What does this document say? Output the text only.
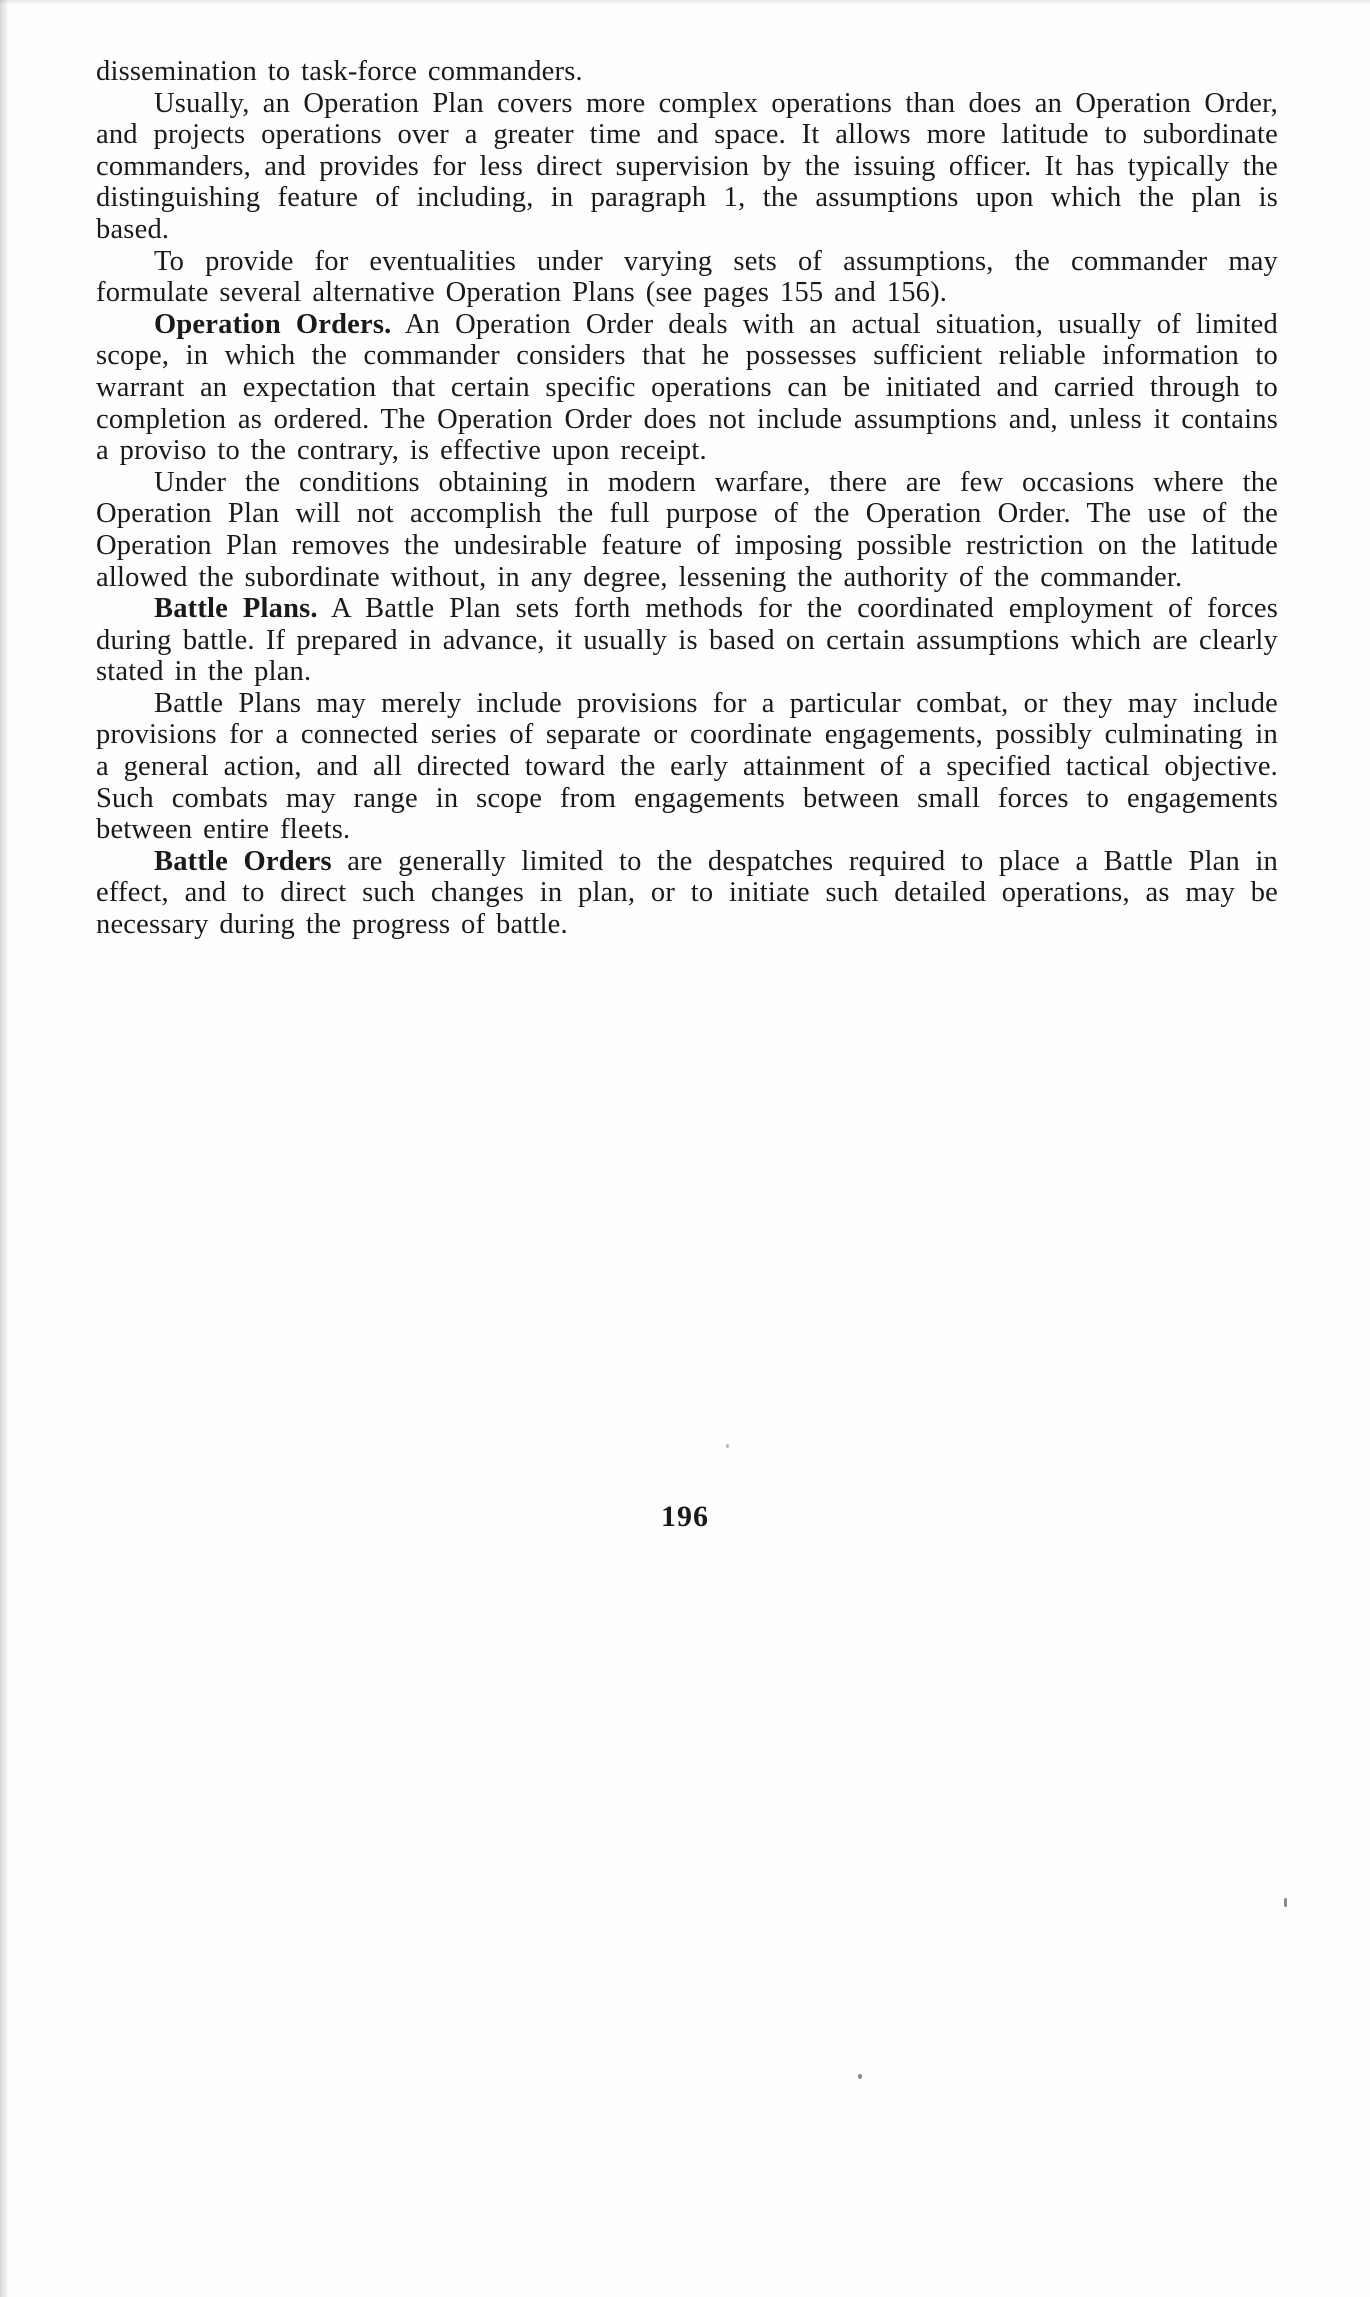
dissemination to task-force commanders.

Usually, an Operation Plan covers more complex operations than does an Operation Order, and projects operations over a greater time and space. It allows more latitude to subordinate commanders, and provides for less direct supervision by the issuing officer. It has typically the distinguishing feature of including, in paragraph 1, the assumptions upon which the plan is based.

To provide for eventualities under varying sets of assumptions, the commander may formulate several alternative Operation Plans (see pages 155 and 156).

Operation Orders. An Operation Order deals with an actual situation, usually of limited scope, in which the commander considers that he possesses sufficient reliable information to warrant an expectation that certain specific operations can be initiated and carried through to completion as ordered. The Operation Order does not include assumptions and, unless it contains a proviso to the contrary, is effective upon receipt.

Under the conditions obtaining in modern warfare, there are few occasions where the Operation Plan will not accomplish the full purpose of the Operation Order. The use of the Operation Plan removes the undesirable feature of imposing possible restriction on the latitude allowed the subordinate without, in any degree, lessening the authority of the commander.

Battle Plans. A Battle Plan sets forth methods for the coordinated employment of forces during battle. If prepared in advance, it usually is based on certain assumptions which are clearly stated in the plan.

Battle Plans may merely include provisions for a particular combat, or they may include provisions for a connected series of separate or coordinate engagements, possibly culminating in a general action, and all directed toward the early attainment of a specified tactical objective. Such combats may range in scope from engagements between small forces to engagements between entire fleets.

Battle Orders are generally limited to the despatches required to place a Battle Plan in effect, and to direct such changes in plan, or to initiate such detailed operations, as may be necessary during the progress of battle.

196
